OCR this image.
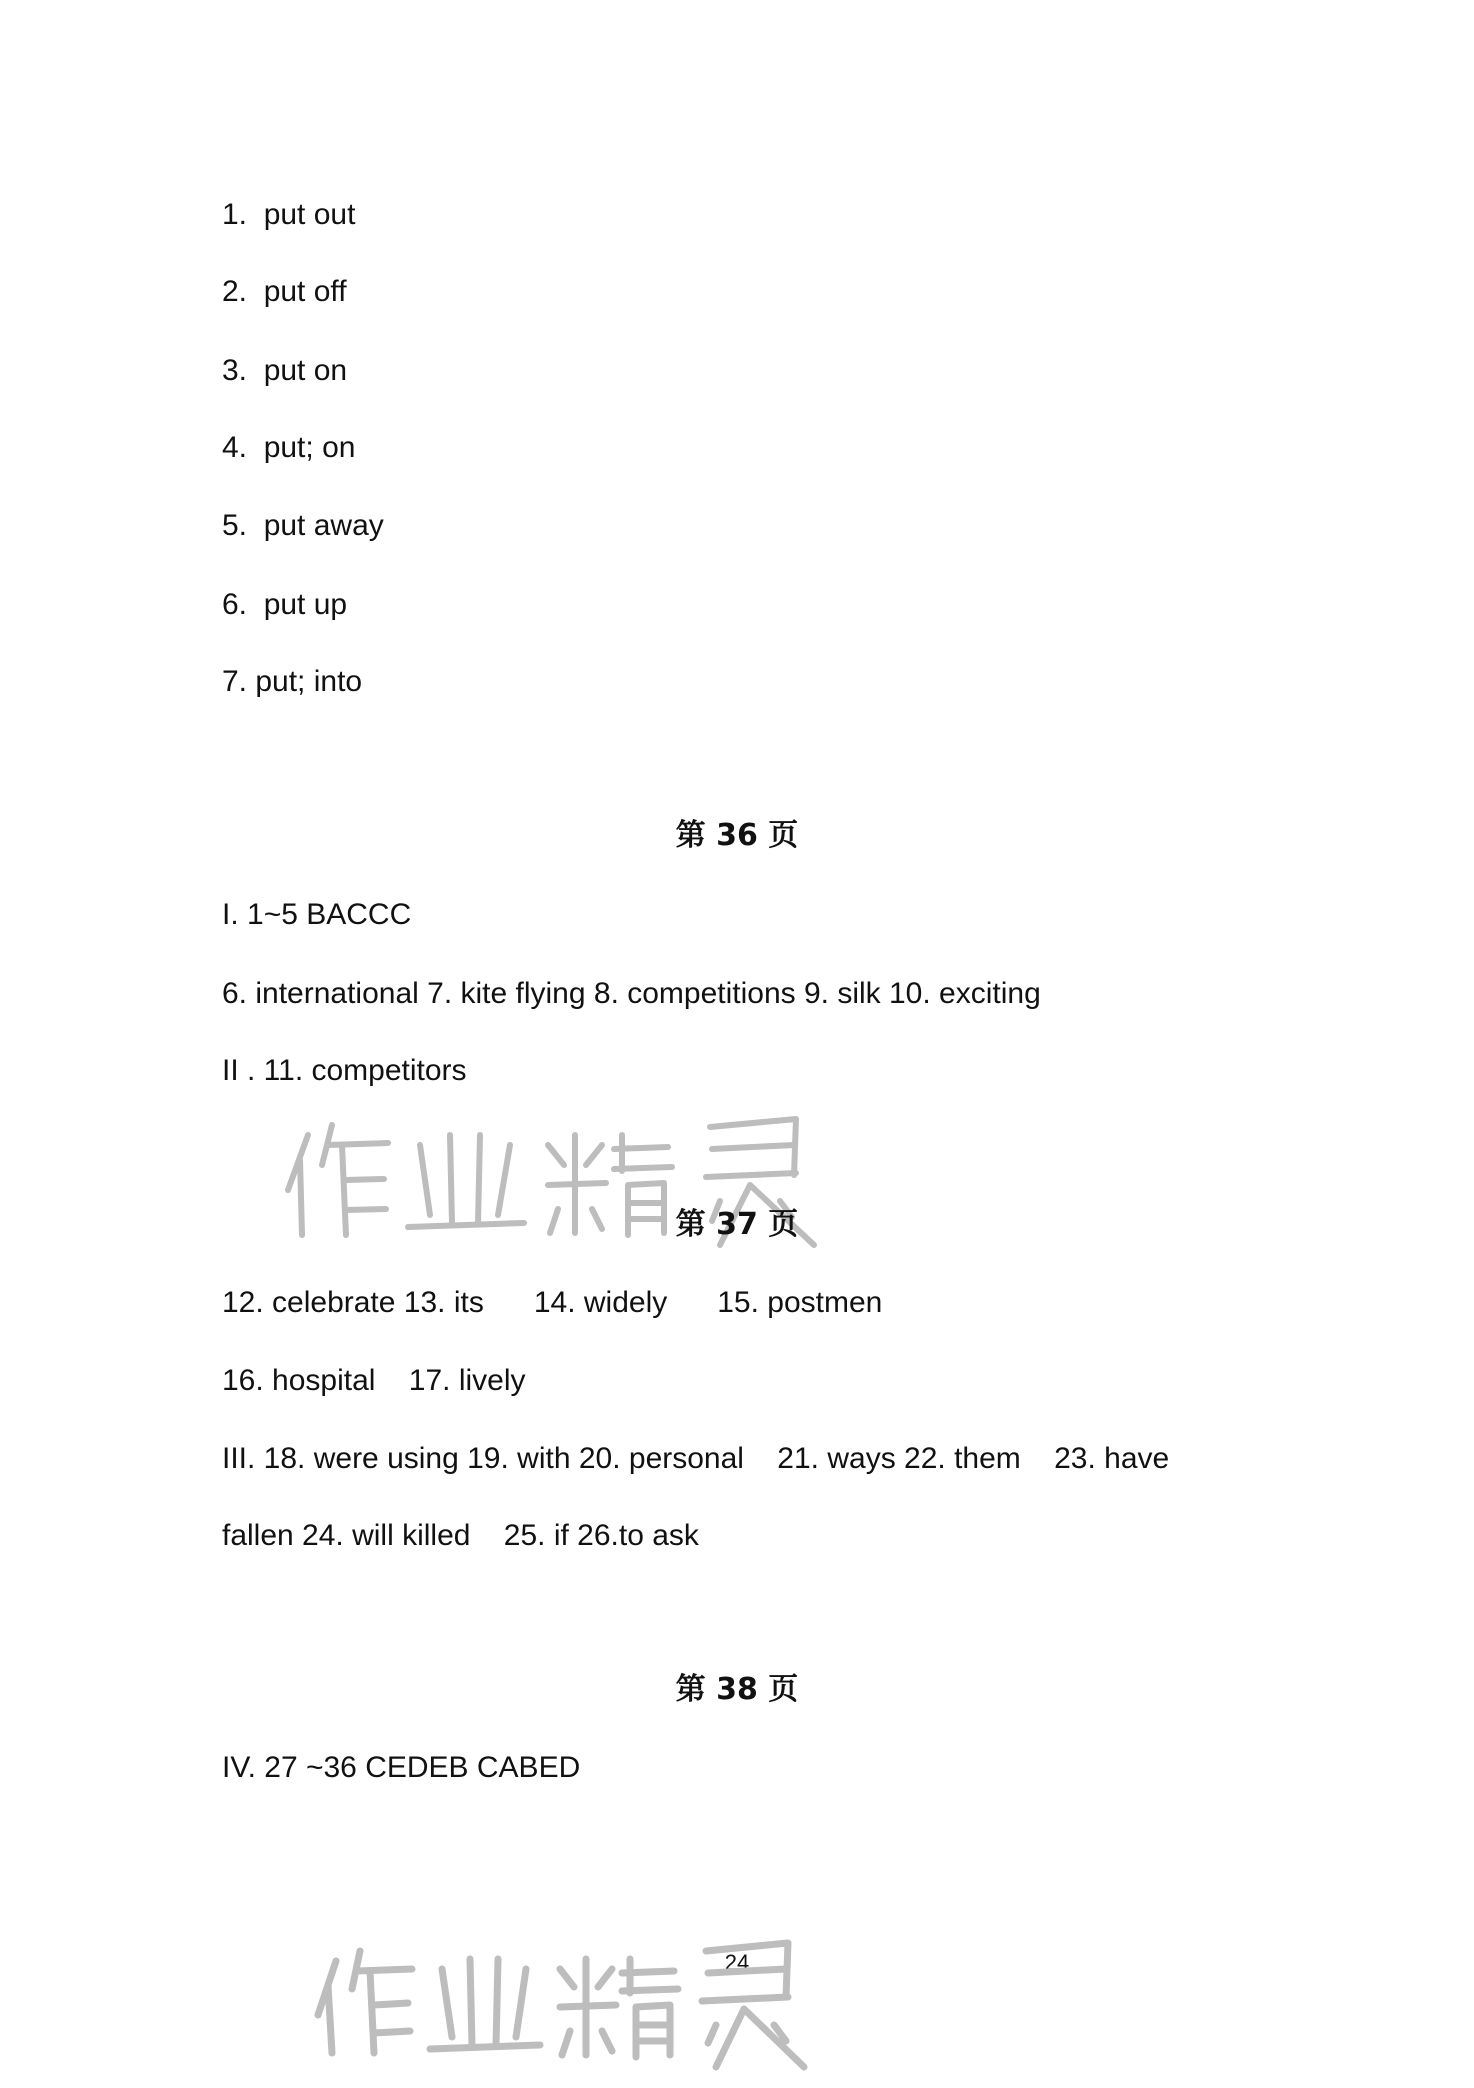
1.  put out
2.  put off
3.  put on
4.  put; on
5.  put away
6.  put up
7. put; into
第 36 页
I. 1~5 BACCC
6. international 7. kite flying 8. competitions 9. silk 10. exciting
II . 11. competitors
第 37 页
12. celebrate 13. its      14. widely      15. postmen
16. hospital    17. lively
III. 18. were using 19. with 20. personal    21. ways 22. them    23. have
fallen 24. will killed    25. if 26.to ask
第 38 页
IV. 27 ~36 CEDEB CABED
24
